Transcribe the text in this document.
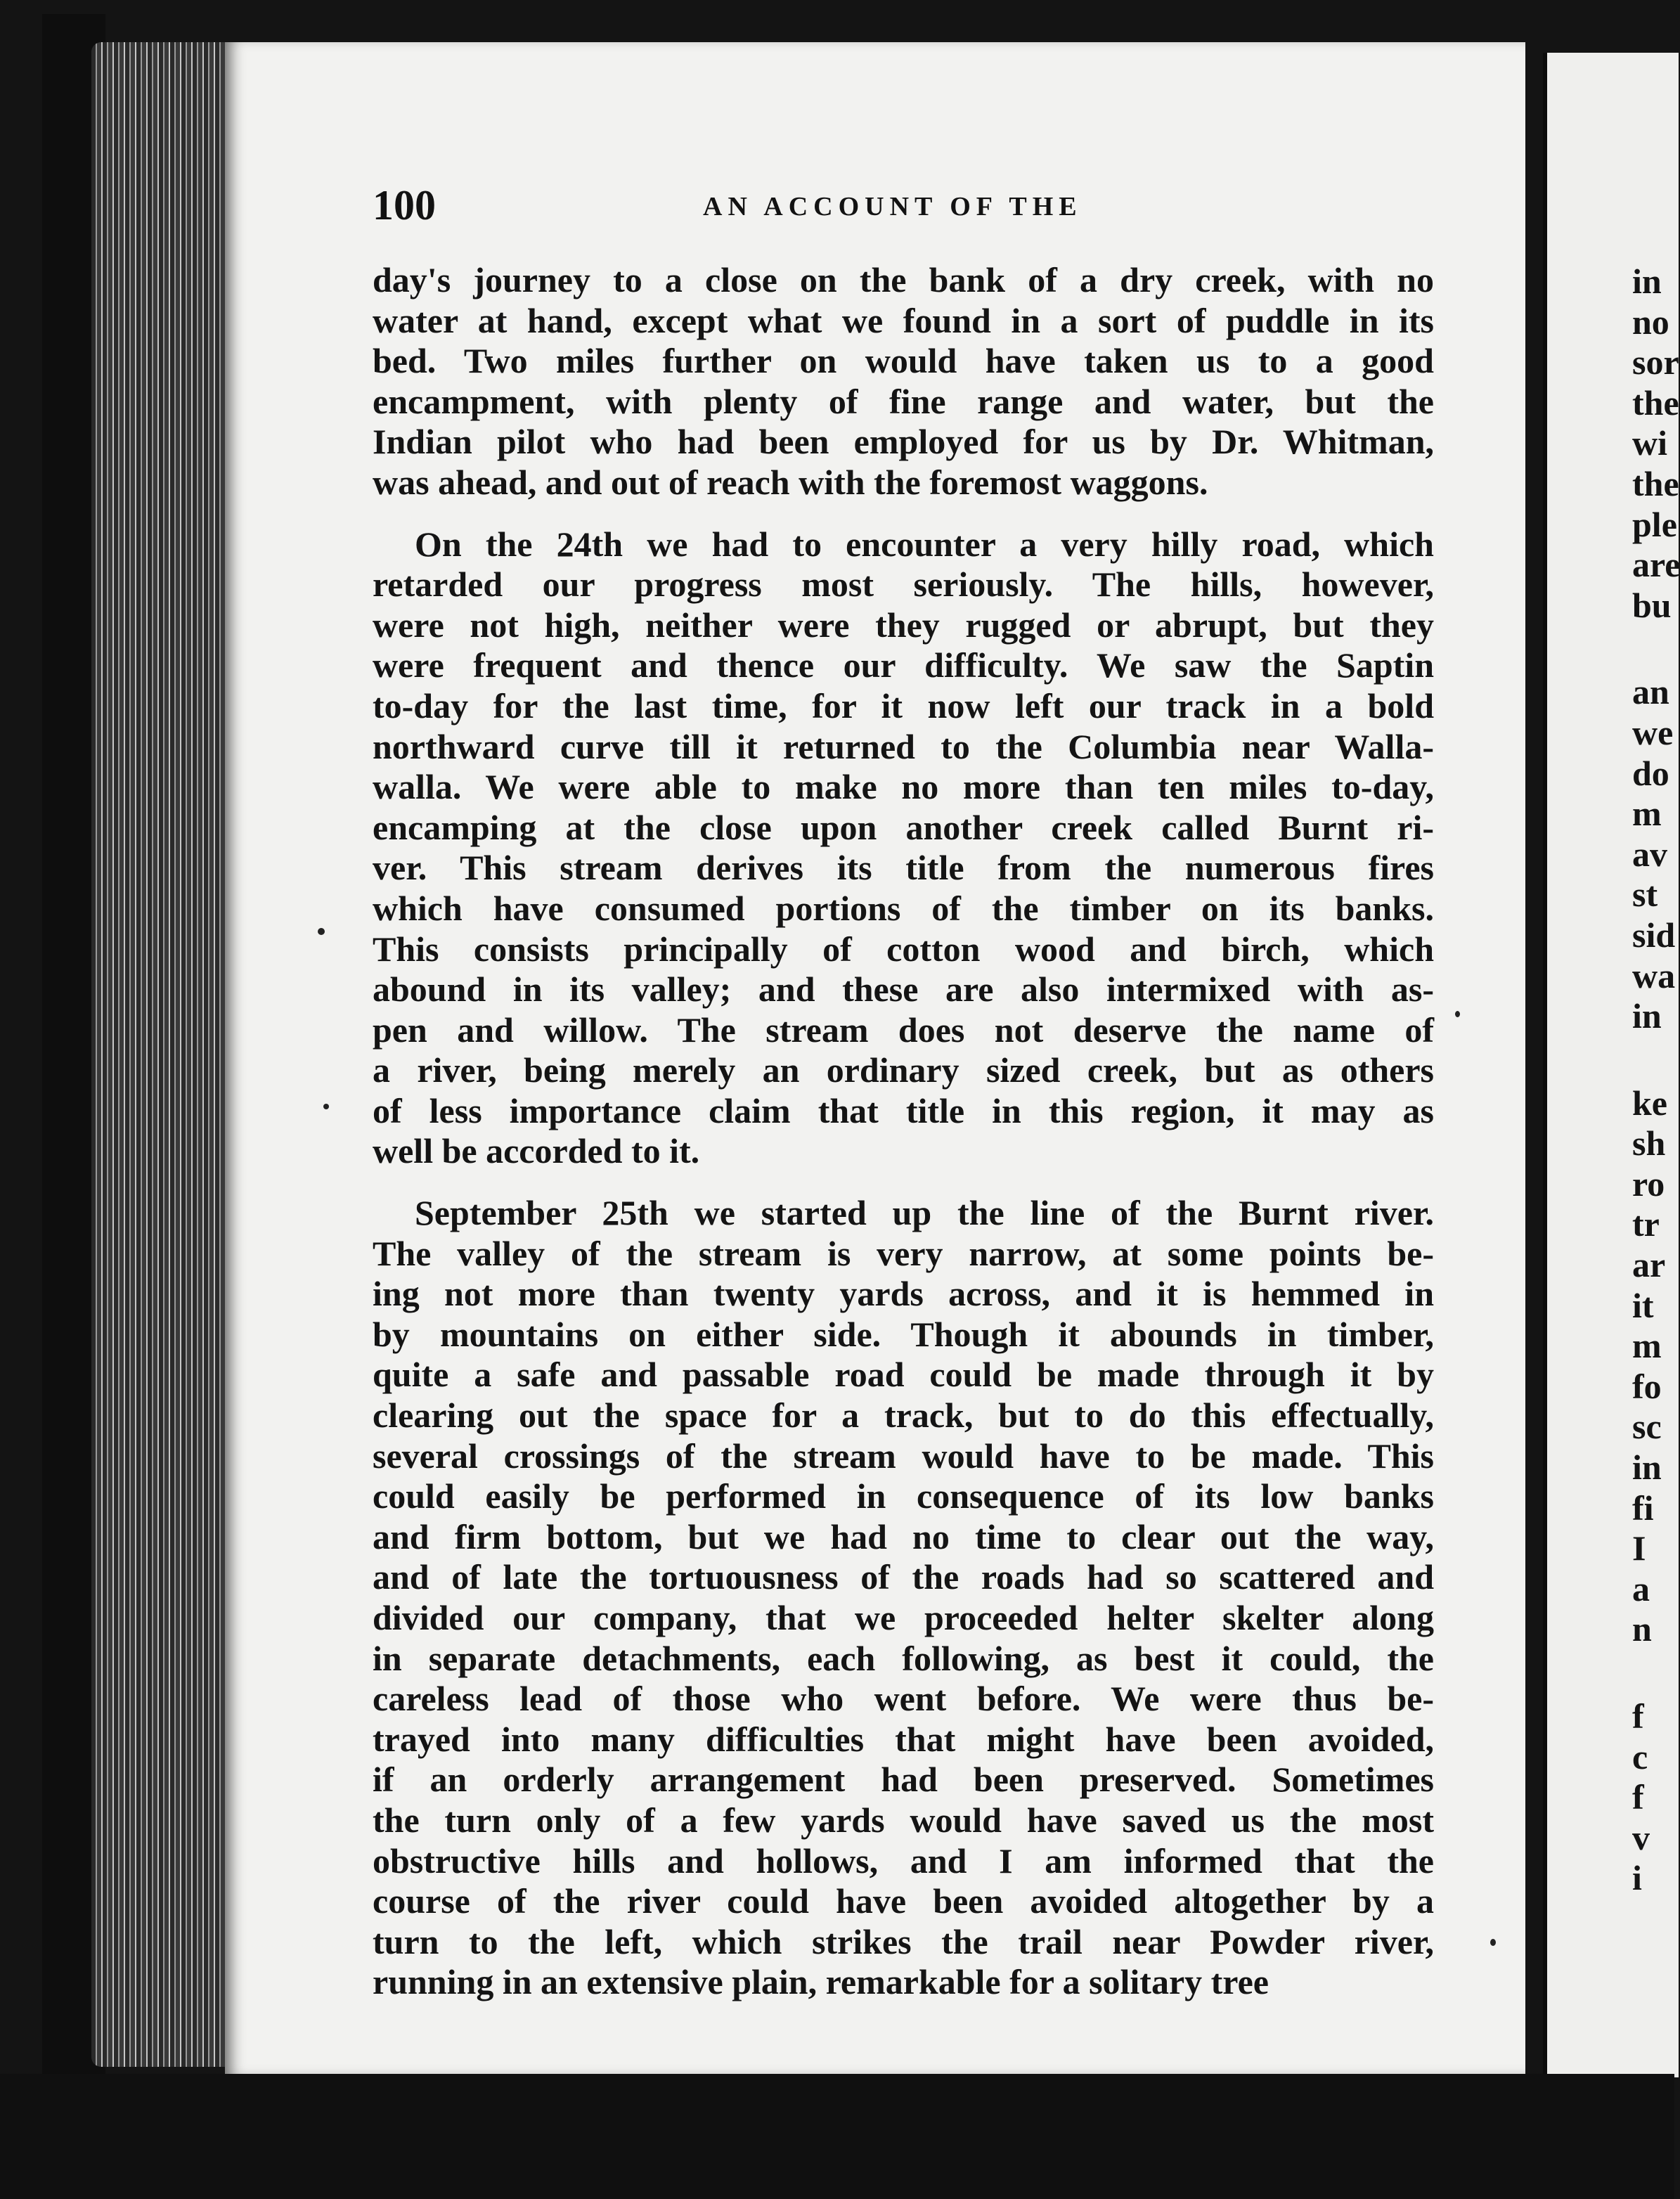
100	AN ACCOUNT OF THE
day's journey to a close on the bank of a dry creek, with no
water at hand, except what we found in a sort of puddle in its
bed. Two miles further on would have taken us to a good
encampment, with plenty of fine range and water, but the
Indian pilot who had been employed for us by Dr. Whitman,
was ahead, and out of reach with the foremost waggons.
On the 24th we had to encounter a very hilly road, which
retarded our progress most seriously. The hills, however,
were not high, neither were they rugged or abrupt, but they
were frequent and thence our difficulty. We saw the Saptin
to-day for the last time, for it now left our track in a bold
northward curve till it returned to the Columbia near Walla-
walla. We were able to make no more than ten miles to-day,
encamping at the close upon another creek called Burnt ri-
ver. This stream derives its title from the numerous fires
which have consumed portions of the timber on its banks.
This consists principally of cotton wood and birch, which
abound in its valley; and these are also intermixed with as-
pen and willow. The stream does not deserve the name of
a river, being merely an ordinary sized creek, but as others
of less importance claim that title in this region, it may as
well be accorded to it.
September 25th we started up the line of the Burnt river.
The valley of the stream is very narrow, at some points be-
ing not more than twenty yards across, and it is hemmed in
by mountains on either side. Though it abounds in timber,
quite a safe and passable road could be made through it by
clearing out the space for a track, but to do this effectually,
several crossings of the stream would have to be made. This
could easily be performed in consequence of its low banks
and firm bottom, but we had no time to clear out the way,
and of late the tortuousness of the roads had so scattered and
divided our company, that we proceeded helter skelter along
in separate detachments, each following, as best it could, the
careless lead of those who went before. We were thus be-
trayed into many difficulties that might have been avoided,
if an orderly arrangement had been preserved. Sometimes
the turn only of a few yards would have saved us the most
obstructive hills and hollows, and I am informed that the
course of the river could have been avoided altogether by a
turn to the left, which strikes the trail near Powder river,
running in an extensive plain, remarkable for a solitary tree
in
no
sor
the
wi
the
ple
are
bu
an
we
do
m
av
st
sid
wa
in
ke
sh
ro
tr
ar
it
m
fo
sc
in
fi
I
a
n
f
c
f
v
i
